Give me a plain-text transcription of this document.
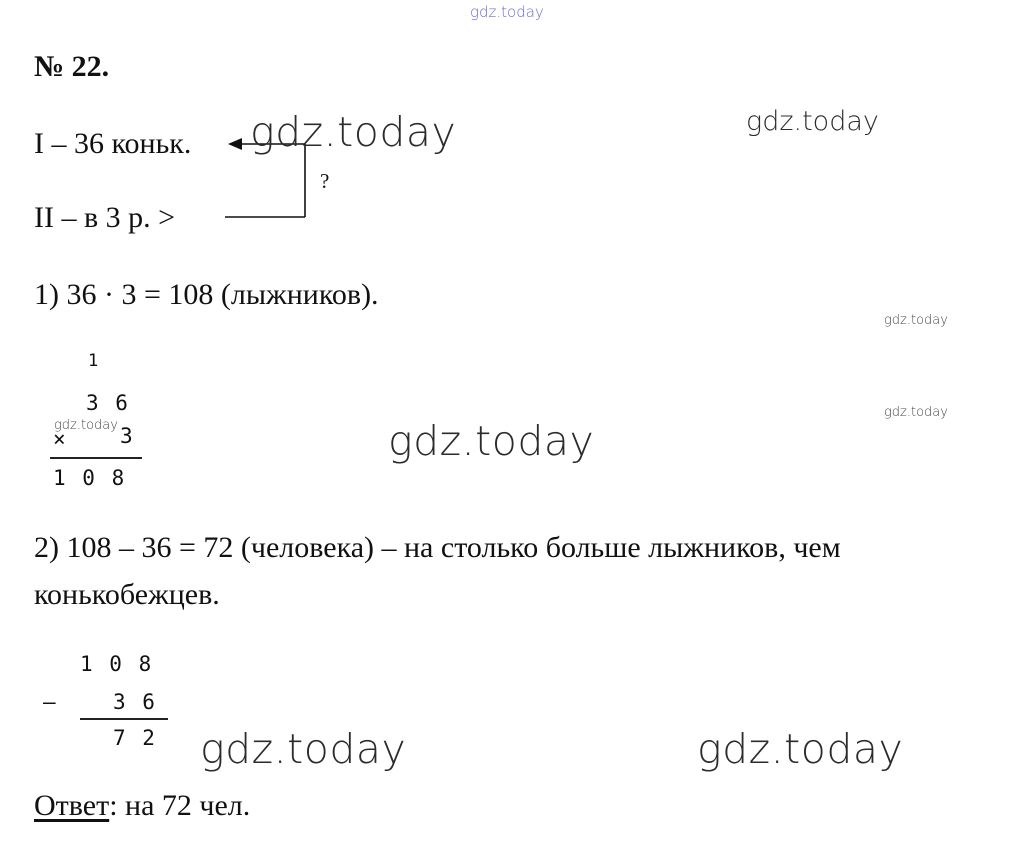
gdz.today
№ 22.
I – 36 коньк.
II – в 3 р. >
?
1) 36 · 3 = 108 (лыжников).
1
3 6
× 3
1 0 8
2) 108 – 36 = 72 (человека) – на столько больше лыжников, чем
конькобежцев.
1 0 8
–	3 6
7 2
Ответ: на 72 чел.
gdz.today	gdz.today
gdz.today
gdz.today
gdz.today	gdz.today
gdz.today	gdz.today
